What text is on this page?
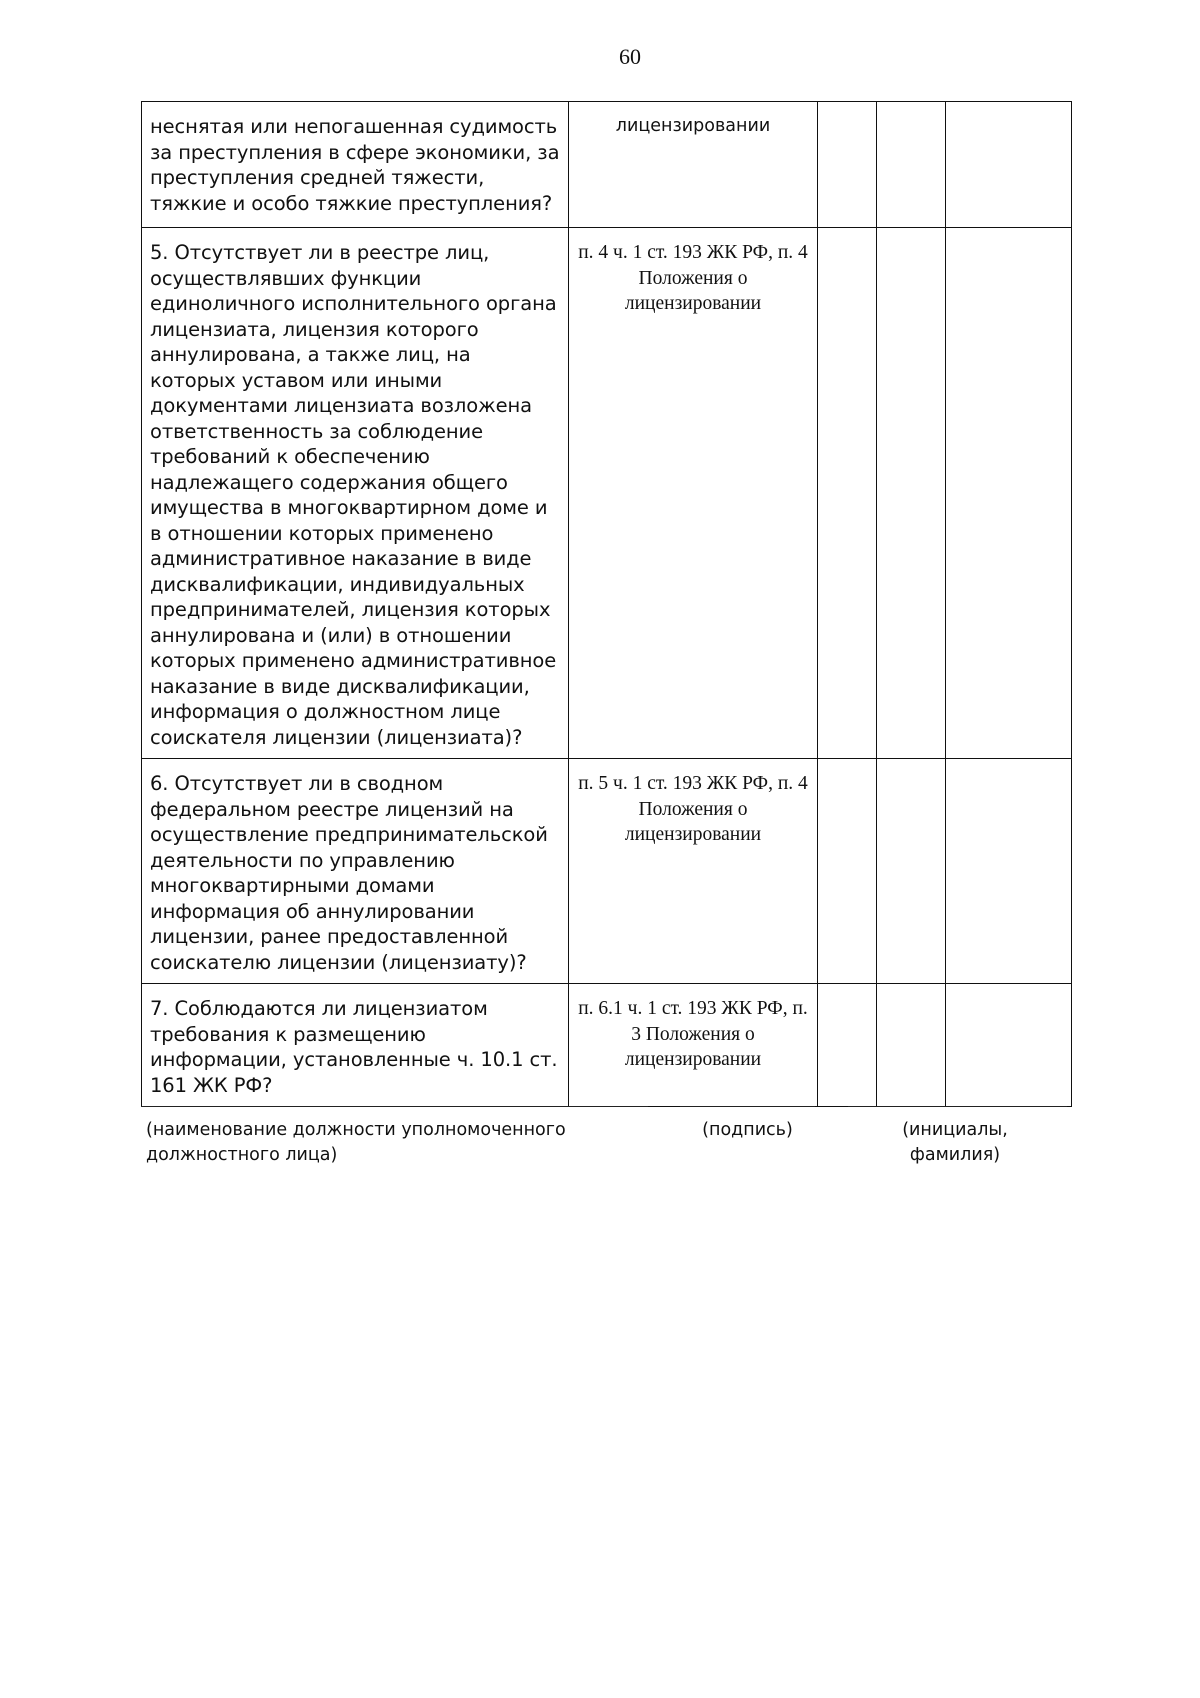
60
неснятая или непогашенная судимость за преступления в сфере экономики, за преступления средней тяжести, тяжкие и особо тяжкие преступления?	лицензировании			
5. Отсутствует ли в реестре лиц, осуществлявших функции единоличного исполнительного органа лицензиата, лицензия которого аннулирована, а также лиц, на которых уставом или иными документами лицензиата возложена ответственность за соблюдение требований к обеспечению надлежащего содержания общего имущества в многоквартирном доме и в отношении которых применено административное наказание в виде дисквалификации, индивидуальных предпринимателей, лицензия которых аннулирована и (или) в отношении которых применено административное наказание в виде дисквалификации, информация о должностном лице соискателя лицензии (лицензиата)?	п. 4 ч. 1 ст. 193 ЖК РФ, п. 4 Положения о лицензировании			
6. Отсутствует ли в сводном федеральном реестре лицензий на осуществление предпринимательской деятельности по управлению многоквартирными домами информация об аннулировании лицензии, ранее предоставленной соискателю лицензии (лицензиату)?	п. 5 ч. 1 ст. 193 ЖК РФ, п. 4 Положения о лицензировании			
7. Соблюдаются ли лицензиатом требования к размещению информации, установленные ч. 10.1 ст. 161 ЖК РФ?	п. 6.1 ч. 1 ст. 193 ЖК РФ, п. 3 Положения о лицензировании			
(наименование должности уполномоченного должностного лица)
(подпись)	(инициалы, фамилия)
